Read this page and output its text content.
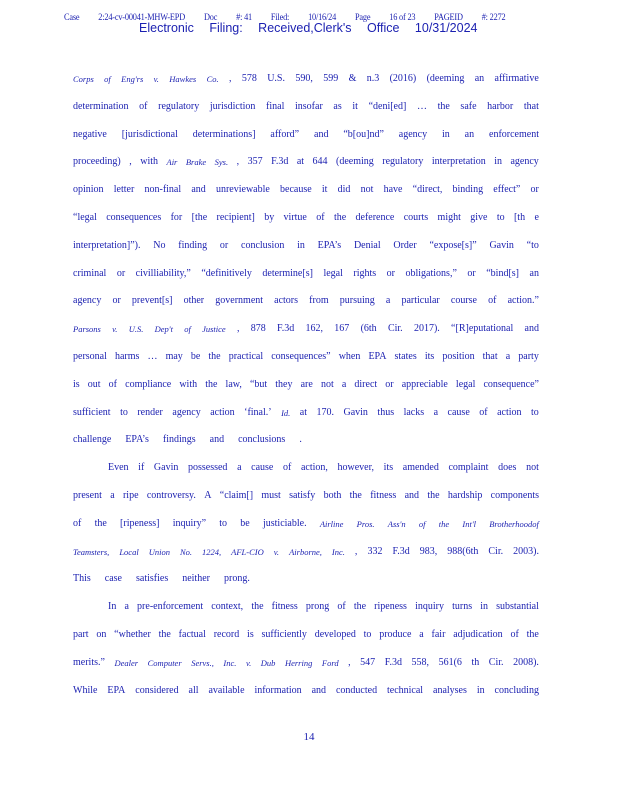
Case 2:24-cv-00041-MHW-EPD Doc #: 41 Filed: 10/16/24 Page 16 of 23 PAGEID #: 2272
Electronic Filing: Received,Clerk's Office 10/31/2024
Corps of Eng'rs v. Hawkes Co. , 578 U.S. 590, 599 & n.3 (2016) (deeming an affirmative
determination of regulatory jurisdiction final insofar as it “deni[ed] … the safe harbor that
negative [jurisdictional determinations] afford” and “b[ou]nd” agency in an enforcement
proceeding) , with Air Brake Sys. , 357 F.3d at 644 (deeming regulatory interpretation in agency
opinion letter non-final and unreviewable because it did not have “direct, binding effect” or
“legal consequences for [the recipient] by virtue of the deference courts might give to [th e
interpretation]”). No finding or conclusion in EPA’s Denial Order “expose[s]” Gavin “to
criminal or civilliability,” “definitively determine[s] legal rights or obligations,” or “bind[s] an
agency or prevent[s] other government actors from pursuing a particular course of action.”
Parsons v. U.S. Dep't of Justice , 878 F.3d 162, 167 (6th Cir. 2017). “[R]eputational and
personal harms … may be the practical consequences” when EPA states its position that a party
is out of compliance with the law, “but they are not a direct or appreciable legal consequence”
sufficient to render agency action ‘final.’ Id. at 170. Gavin thus lacks a cause of action to
challenge EPA’s findings and conclusions .
Even if Gavin possessed a cause of action, however, its amended complaint does not
present a ripe controversy. A “claim[] must satisfy both the fitness and the hardship components
of the [ripeness] inquiry” to be justiciable. Airline Pros. Ass'n of the Int'l Brotherhoodof
Teamsters, Local Union No. 1224, AFL-CIO v. Airborne, Inc. , 332 F.3d 983, 988(6th Cir. 2003).
This case satisfies neither prong.
In a pre-enforcement context, the fitness prong of the ripeness inquiry turns in substantial
part on “whether the factual record is sufficiently developed to produce a fair adjudication of the
merits.” Dealer Computer Servs., Inc. v. Dub Herring Ford , 547 F.3d 558, 561(6 th Cir. 2008).
While EPA considered all available information and conducted technical analyses in concluding
14
